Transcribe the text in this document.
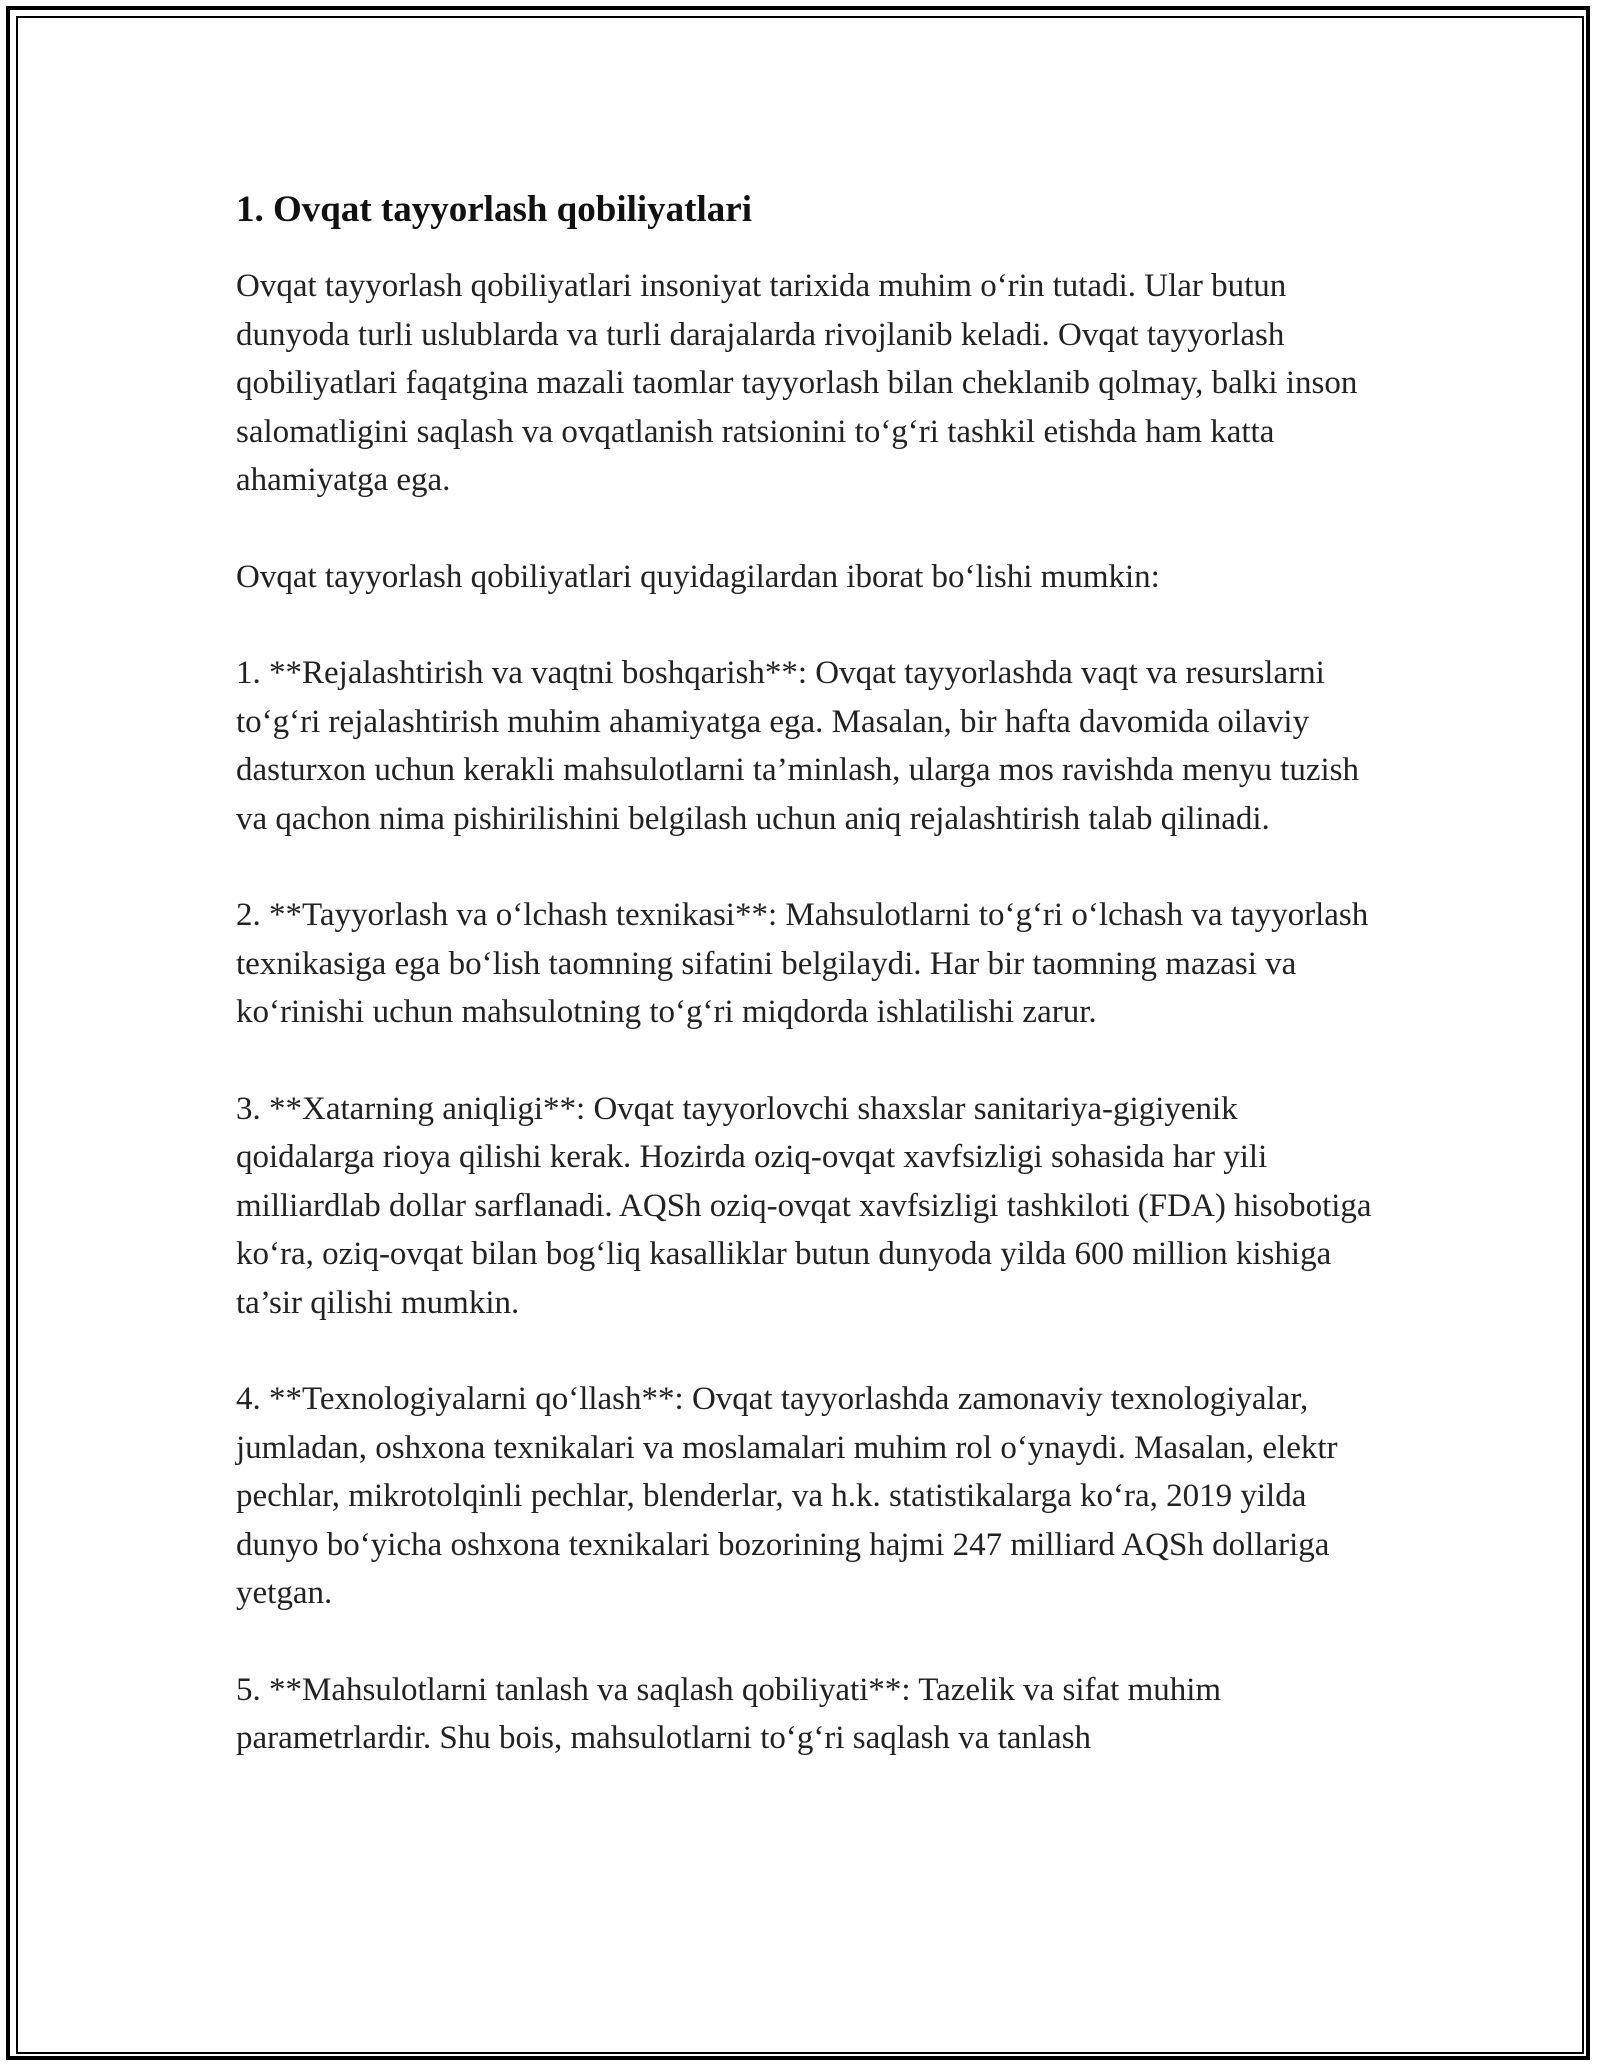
1. Ovqat tayyorlash qobiliyatlari

Ovqat tayyorlash qobiliyatlari insoniyat tarixida muhim o‘rin tutadi. Ular butun dunyoda turli uslublarda va turli darajalarda rivojlanib keladi. Ovqat tayyorlash qobiliyatlari faqatgina mazali taomlar tayyorlash bilan cheklanib qolmay, balki inson salomatligini saqlash va ovqatlanish ratsionini to‘g‘ri tashkil etishda ham katta ahamiyatga ega.

Ovqat tayyorlash qobiliyatlari quyidagilardan iborat bo‘lishi mumkin:

1. **Rejalashtirish va vaqtni boshqarish**: Ovqat tayyorlashda vaqt va resurslarni to‘g‘ri rejalashtirish muhim ahamiyatga ega. Masalan, bir hafta davomida oilaviy dasturxon uchun kerakli mahsulotlarni ta’minlash, ularga mos ravishda menyu tuzish va qachon nima pishirilishini belgilash uchun aniq rejalashtirish talab qilinadi.

2. **Tayyorlash va o‘lchash texnikasi**: Mahsulotlarni to‘g‘ri o‘lchash va tayyorlash texnikasiga ega bo‘lish taomning sifatini belgilaydi. Har bir taomning mazasi va ko‘rinishi uchun mahsulotning to‘g‘ri miqdorda ishlatilishi zarur.

3. **Xatarning aniqligi**: Ovqat tayyorlovchi shaxslar sanitariya-gigiyenik qoidalarga rioya qilishi kerak. Hozirda oziq-ovqat xavfsizligi sohasida har yili milliardlab dollar sarflanadi. AQSh oziq-ovqat xavfsizligi tashkiloti (FDA) hisobotiga ko‘ra, oziq-ovqat bilan bog‘liq kasalliklar butun dunyoda yilda 600 million kishiga ta’sir qilishi mumkin.

4. **Texnologiyalarni qo‘llash**: Ovqat tayyorlashda zamonaviy texnologiyalar, jumladan, oshxona texnikalari va moslamalari muhim rol o‘ynaydi. Masalan, elektr pechlar, mikrotolqinli pechlar, blenderlar, va h.k. statistikalarga ko‘ra, 2019 yilda dunyo bo‘yicha oshxona texnikalari bozorining hajmi 247 milliard AQSh dollariga yetgan.

5. **Mahsulotlarni tanlash va saqlash qobiliyati**: Tazelik va sifat muhim parametrlardir. Shu bois, mahsulotlarni to‘g‘ri saqlash va tanlash
